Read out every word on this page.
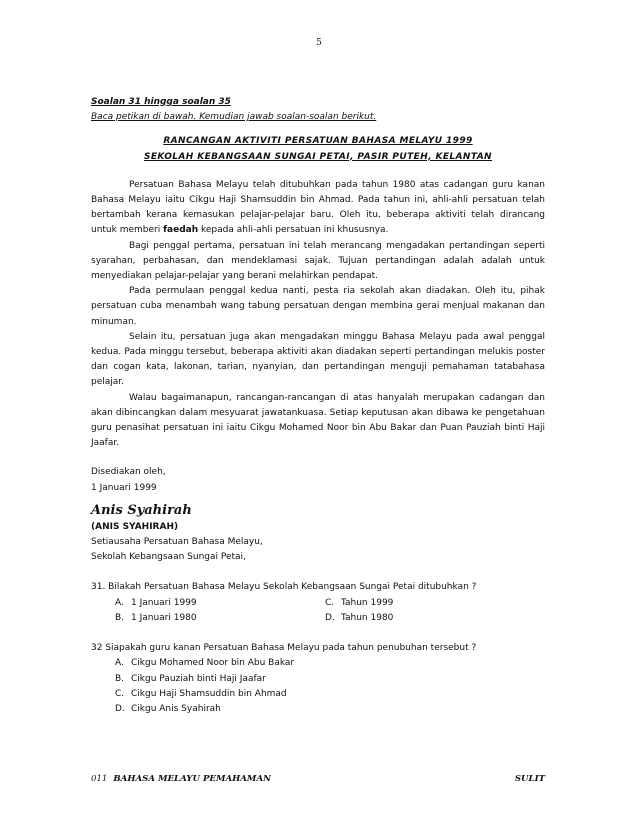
5

Soalan 31 hingga soalan 35

Baca petikan di bawah. Kemudian jawab soalan-soalan berikut.

RANCANGAN AKTIVITI PERSATUAN BAHASA MELAYU 1999

SEKOLAH KEBANGSAAN SUNGAI PETAI, PASIR PUTEH, KELANTAN

Persatuan Bahasa Melayu telah ditubuhkan pada tahun 1980 atas cadangan guru kanan Bahasa Melayu iaitu Cikgu Haji Shamsuddin bin Ahmad. Pada tahun ini, ahli-ahli persatuan telah bertambah kerana kemasukan pelajar-pelajar baru. Oleh itu, beberapa aktiviti telah dirancang untuk memberi faedah kepada ahli-ahli persatuan ini khususnya.

Bagi penggal pertama, persatuan ini telah merancang mengadakan pertandingan seperti syarahan, perbahasan, dan mendeklamasi sajak. Tujuan pertandingan adalah adalah untuk menyediakan pelajar-pelajar yang berani melahirkan pendapat.

Pada permulaan penggal kedua nanti, pesta ria sekolah akan diadakan. Oleh itu, pihak persatuan cuba menambah wang tabung persatuan dengan membina gerai menjual makanan dan minuman.

Selain itu, persatuan juga akan mengadakan minggu Bahasa Melayu pada awal penggal kedua. Pada minggu tersebut, beberapa aktiviti akan diadakan seperti pertandingan melukis poster dan cogan kata, lakonan, tarian, nyanyian, dan pertandingan menguji pemahaman tatabahasa pelajar.

Walau bagaimanapun, rancangan-rancangan di atas hanyalah merupakan cadangan dan akan dibincangkan dalam mesyuarat jawatankuasa. Setiap keputusan akan dibawa ke pengetahuan guru penasihat persatuan ini iaitu Cikgu Mohamed Noor bin Abu Bakar dan Puan Pauziah binti Haji Jaafar.

Disediakan oleh,

1 Januari 1999

Anis Syahirah

(ANIS SYAHIRAH)

Setiausaha Persatuan Bahasa Melayu,

Sekolah Kebangsaan Sungai Petai,

31. Bilakah Persatuan Bahasa Melayu Sekolah Kebangsaan Sungai Petai ditubuhkan ?

A. 1 Januari 1999	C. Tahun 1999
B. 1 Januari 1980	D. Tahun 1980

32 Siapakah guru kanan Persatuan Bahasa Melayu pada tahun penubuhan tersebut ?

A. Cikgu Mohamed Noor bin Abu Bakar
B. Cikgu Pauziah binti Haji Jaafar
C. Cikgu Haji Shamsuddin bin Ahmad
D. Cikgu Anis Syahirah
011 BAHASA MELAYU PEMAHAMAN	SULIT
